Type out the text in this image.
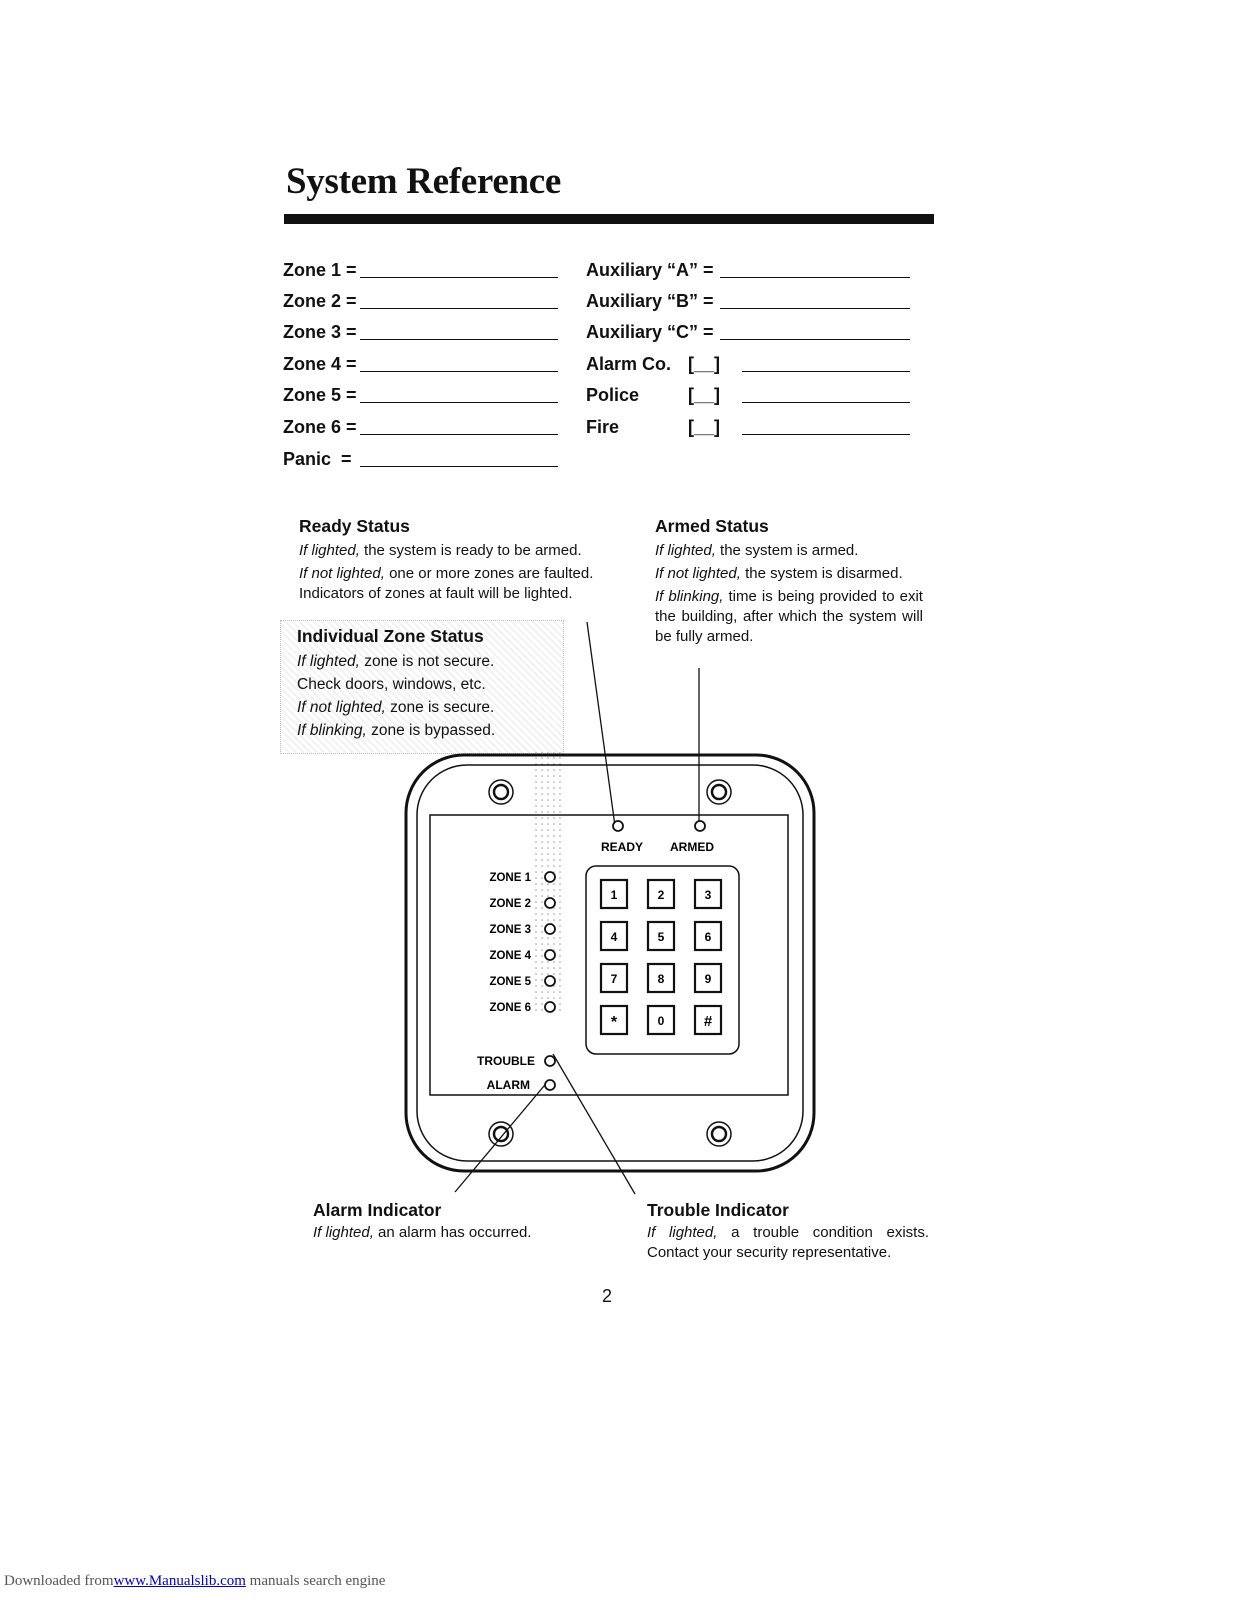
System Reference
Zone 1 =
Zone 2 =
Zone 3 =
Zone 4 =
Zone 5 =
Zone 6 =
Panic  =
Auxiliary “A” =
Auxiliary “B” =
Auxiliary “C” =
Alarm Co. [__]
Police	[__]
Fire	[__]
Ready Status
If lighted, the system is ready to be armed.
If not lighted, one or more zones are faulted.
Indicators of zones at fault will be lighted.
Armed Status
If lighted, the system is armed.
If not lighted, the system is disarmed.
If blinking, time is being provided to exit the building, after which the system will be fully armed.
Individual Zone Status
If lighted, zone is not secure.
Check doors, windows, etc.
If not lighted, zone is secure.
If blinking, zone is bypassed.
READY ARMED
ZONE 1
ZONE 2
ZONE 3
ZONE 4
ZONE 5
ZONE 6
TROUBLE
ALARM
1	2	3
4	5	6
7	8	9
*	0	#
Alarm Indicator
If lighted, an alarm has occurred.
Trouble Indicator
If lighted, a trouble condition exists. Contact your security representative.
2
Downloaded fromwww.Manualslib.com manuals search engine
